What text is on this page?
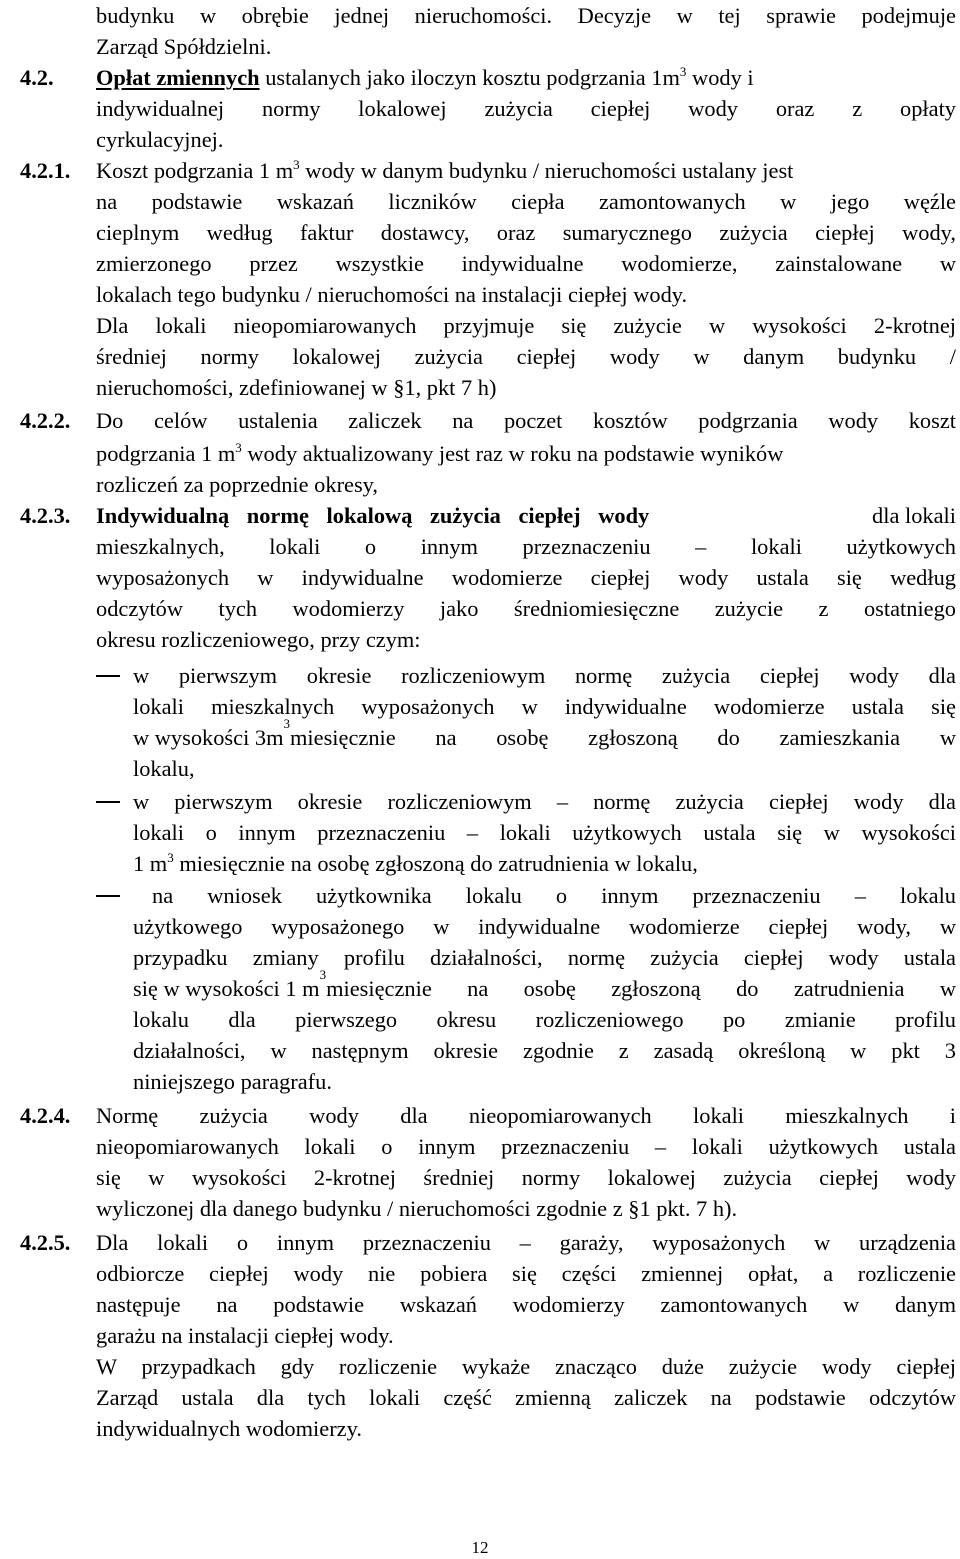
budynku w obrębie jednej nieruchomości. Decyzje w tej sprawie podejmuje
Zarząd Spółdzielni.
4.2. Opłat zmiennych ustalanych jako iloczyn kosztu podgrzania $1m^3$ wody i
indywidualnej normy lokalowej zużycia ciepłej wody oraz z opłaty
cyrkulacyjnej.
4.2.1. Koszt podgrzania 1 $m^3$ wody w danym budynku / nieruchomości ustalany jest
na podstawie wskazań liczników ciepła zamontowanych w jego węźle
cieplnym według faktur dostawcy, oraz sumarycznego zużycia ciepłej wody,
zmierzonego przez wszystkie indywidualne wodomierze, zainstalowane w
lokalach tego budynku / nieruchomości na instalacji ciepłej wody.
Dla lokali nieopomiarowanych przyjmuje się zużycie w wysokości 2-krotnej
średniej normy lokalowej zużycia ciepłej wody w danym budynku /
nieruchomości, zdefiniowanej w §1, pkt 7 h)
4.2.2. Do celów ustalenia zaliczek na poczet kosztów podgrzania wody koszt
podgrzania 1 $m^3$ wody aktualizowany jest raz w roku na podstawie wyników
rozliczeń za poprzednie okresy,
4.2.3. Indywidualną normę lokalową zużycia ciepłej wody	dla lokali
mieszkalnych, lokali o innym przeznaczeniu – lokali użytkowych
wyposażonych w indywidualne wodomierze ciepłej wody ustala się według
odczytów tych wodomierzy jako średniomiesięczne zużycie z ostatniego
okresu rozliczeniowego, przy czym:
w pierwszym okresie rozliczeniowym normę zużycia ciepłej wody dla
lokali mieszkalnych wyposażonych w indywidualne wodomierze ustala się
w wysokości 3m
3
miesięcznie na osobę zgłoszoną do zamieszkania w
lokalu,
w pierwszym okresie rozliczeniowym – normę zużycia ciepłej wody dla
lokali o innym przeznaczeniu – lokali użytkowych ustala się w wysokości
1 $m^3$ miesięcznie na osobę zgłoszoną do zatrudnienia w lokalu,
na wniosek użytkownika lokalu o innym przeznaczeniu – lokalu
użytkowego wyposażonego w indywidualne wodomierze ciepłej wody, w
przypadku zmiany profilu działalności, normę zużycia ciepłej wody ustala
się w wysokości 1 m
3
miesięcznie na osobę zgłoszoną do zatrudnienia w
lokalu dla pierwszego okresu rozliczeniowego po zmianie profilu
działalności, w następnym okresie zgodnie z zasadą określoną w pkt 3
niniejszego paragrafu.
4.2.4. Normę zużycia wody dla nieopomiarowanych lokali mieszkalnych i
nieopomiarowanych lokali o innym przeznaczeniu – lokali użytkowych ustala
się w wysokości 2-krotnej średniej normy lokalowej zużycia ciepłej wody
wyliczonej dla danego budynku / nieruchomości zgodnie z §1 pkt. 7 h).
4.2.5. Dla lokali o innym przeznaczeniu – garaży, wyposażonych w urządzenia
odbiorcze ciepłej wody nie pobiera się części zmiennej opłat, a rozliczenie
następuje na podstawie wskazań wodomierzy zamontowanych w danym
garażu na instalacji ciepłej wody.
W przypadkach gdy rozliczenie wykaże znacząco duże zużycie wody ciepłej
Zarząd ustala dla tych lokali część zmienną zaliczek na podstawie odczytów
indywidualnych wodomierzy.
12
